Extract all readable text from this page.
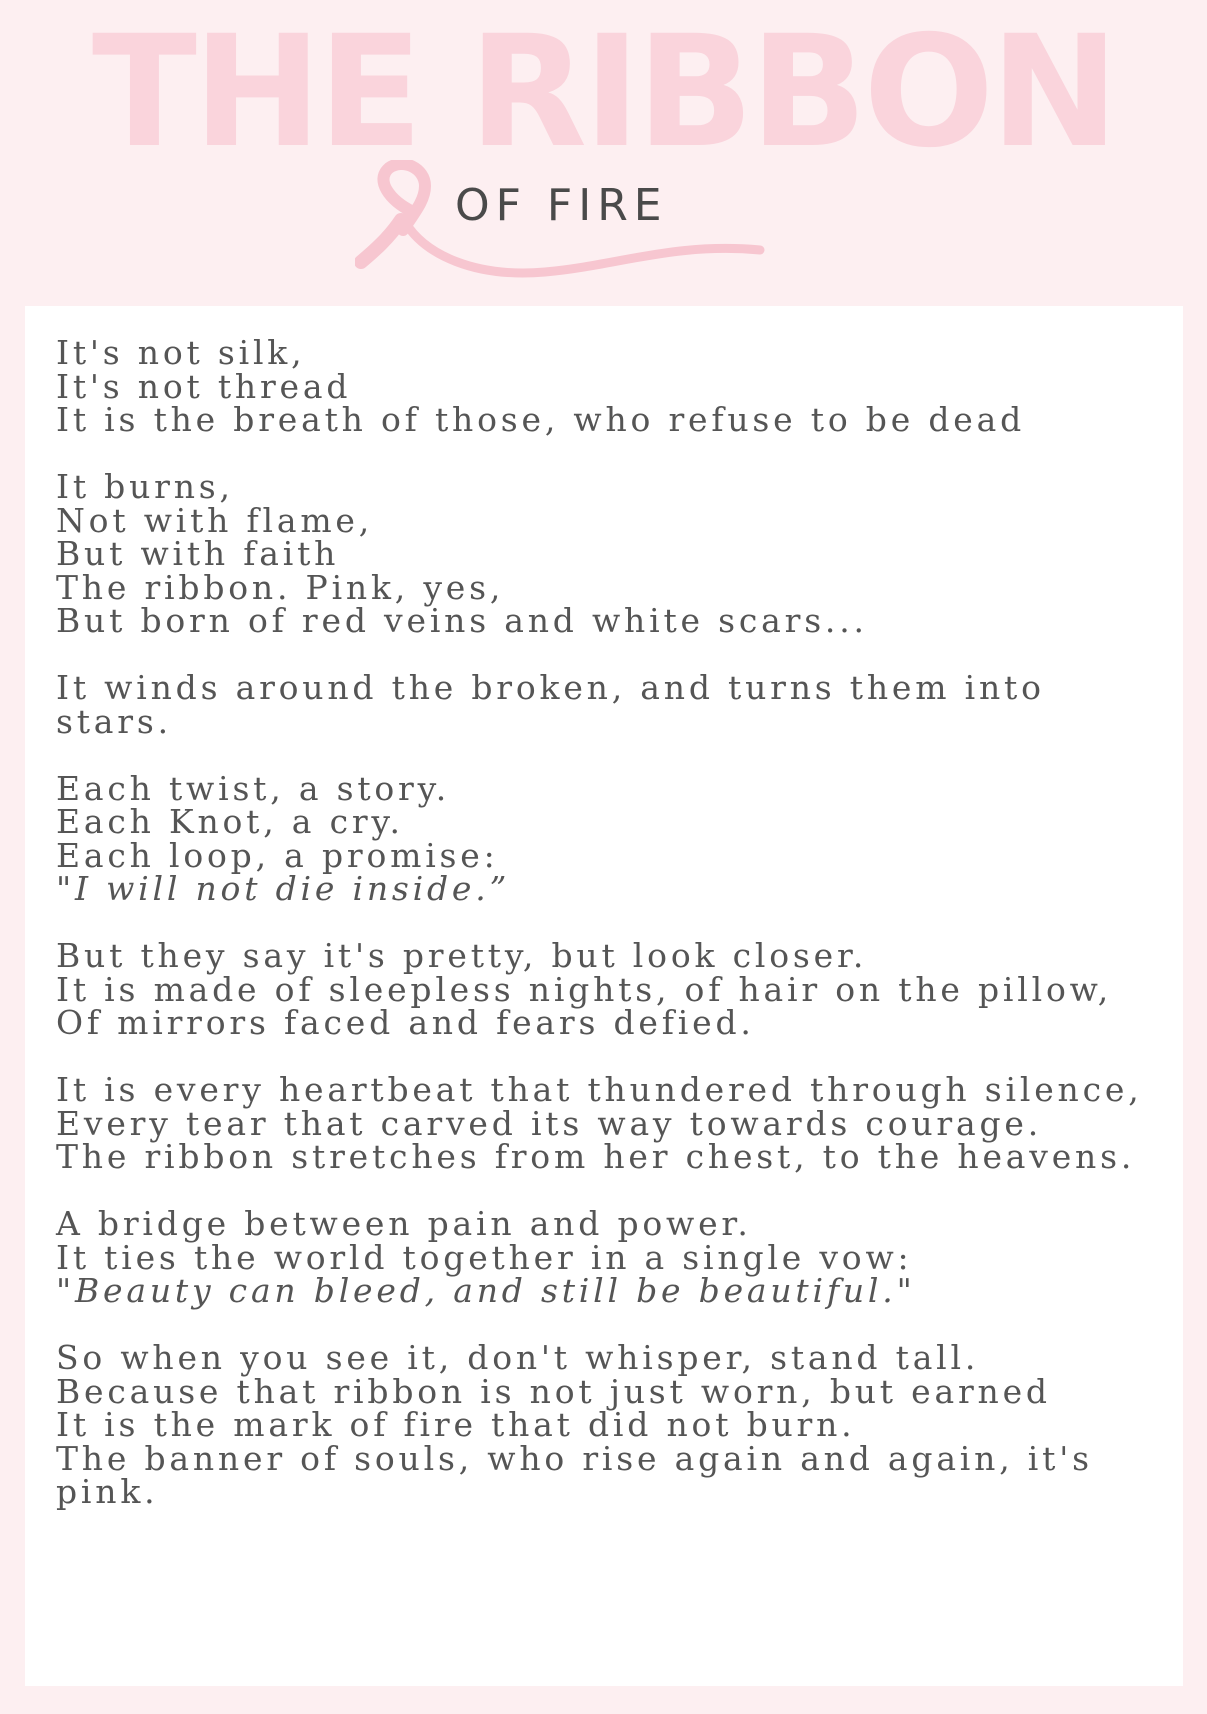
THE RIBBON
OF FIRE
It's not silk,
It's not thread
It is the breath of those, who refuse to be dead
It burns,
Not with flame,
But with faith
The ribbon. Pink, yes,
But born of red veins and white scars...
It winds around the broken, and turns them into stars.
Each twist, a story.
Each Knot, a cry.
Each loop, a promise:
"I will not die inside.”
But they say it's pretty, but look closer.
It is made of sleepless nights, of hair on the pillow,
Of mirrors faced and fears defied.
It is every heartbeat that thundered through silence,
Every tear that carved its way towards courage.
The ribbon stretches from her chest, to the heavens.
A bridge between pain and power.
It ties the world together in a single vow:
"Beauty can bleed, and still be beautiful."
So when you see it, don't whisper, stand tall.
Because that ribbon is not just worn, but earned
It is the mark of fire that did not burn.
The banner of souls, who rise again and again, it's pink.
